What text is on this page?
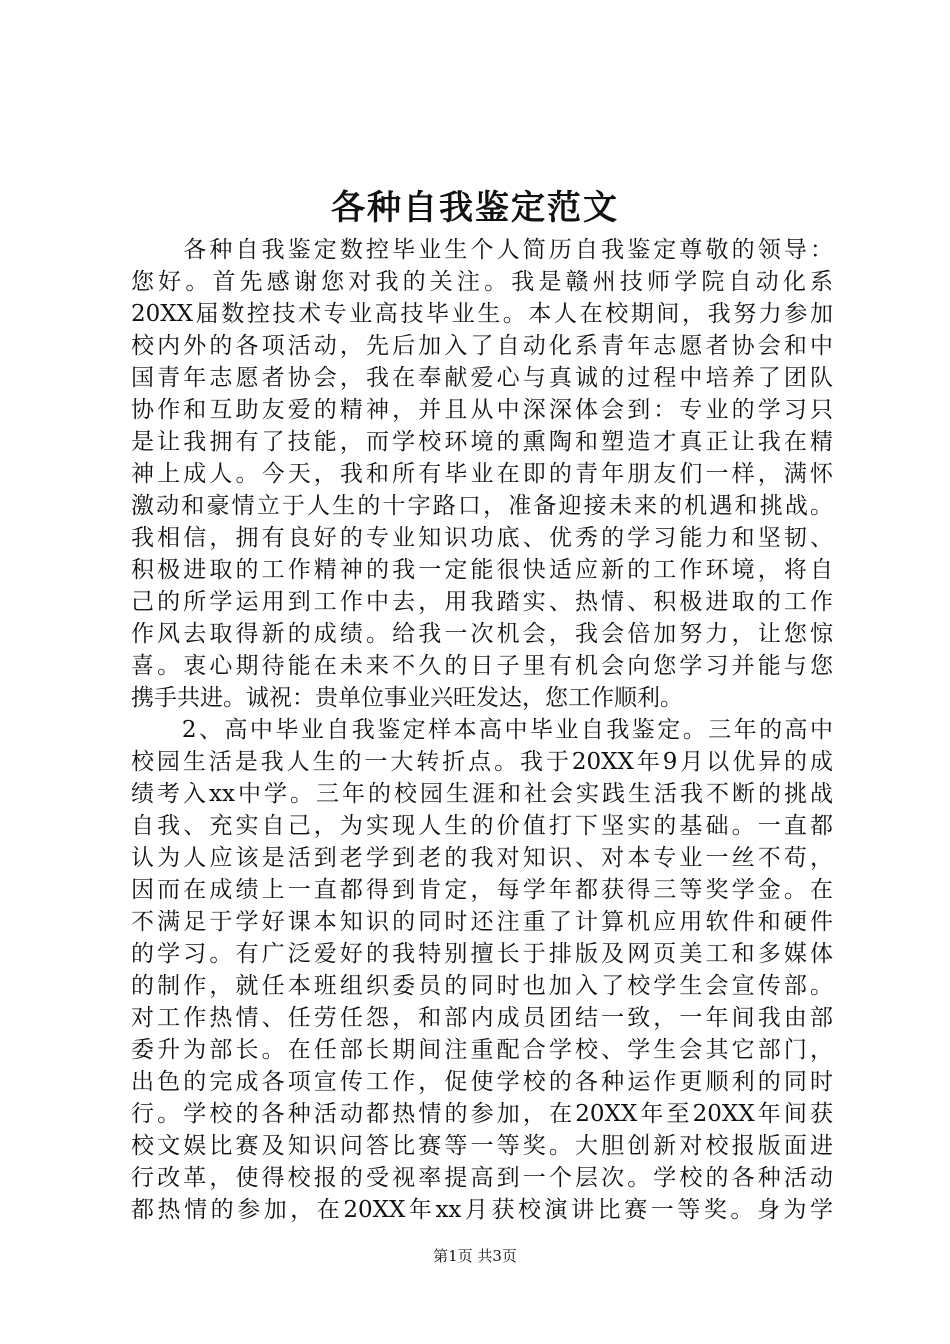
各种自我鉴定范文
　　各种自我鉴定数控毕业生个人简历自我鉴定尊敬的领导：
您好。首先感谢您对我的关注。我是赣州技师学院自动化系
20XX届数控技术专业高技毕业生。本人在校期间，我努力参加
校内外的各项活动，先后加入了自动化系青年志愿者协会和中
国青年志愿者协会，我在奉献爱心与真诚的过程中培养了团队
协作和互助友爱的精神，并且从中深深体会到：专业的学习只
是让我拥有了技能，而学校环境的熏陶和塑造才真正让我在精
神上成人。今天，我和所有毕业在即的青年朋友们一样，满怀
激动和豪情立于人生的十字路口，准备迎接未来的机遇和挑战。
我相信，拥有良好的专业知识功底、优秀的学习能力和坚韧、
积极进取的工作精神的我一定能很快适应新的工作环境，将自
己的所学运用到工作中去，用我踏实、热情、积极进取的工作
作风去取得新的成绩。给我一次机会，我会倍加努力，让您惊
喜。衷心期待能在未来不久的日子里有机会向您学习并能与您
携手共进。诚祝：贵单位事业兴旺发达，您工作顺利。
　　2、高中毕业自我鉴定样本高中毕业自我鉴定。三年的高中
校园生活是我人生的一大转折点。我于20XX年9月以优异的成
绩考入xx中学。三年的校园生涯和社会实践生活我不断的挑战
自我、充实自己，为实现人生的价值打下坚实的基础。一直都
认为人应该是活到老学到老的我对知识、对本专业一丝不苟，
因而在成绩上一直都得到肯定，每学年都获得三等奖学金。在
不满足于学好课本知识的同时还注重了计算机应用软件和硬件
的学习。有广泛爱好的我特别擅长于排版及网页美工和多媒体
的制作，就任本班组织委员的同时也加入了校学生会宣传部。
对工作热情、任劳任怨，和部内成员团结一致，一年间我由部
委升为部长。在任部长期间注重配合学校、学生会其它部门，
出色的完成各项宣传工作，促使学校的各种运作更顺利的同时
行。学校的各种活动都热情的参加，在20XX年至20XX年间获
校文娱比赛及知识问答比赛等一等奖。大胆创新对校报版面进
行改革，使得校报的受视率提高到一个层次。学校的各种活动
都热情的参加，在20XX年xx月获校演讲比赛一等奖。身为学
第1页 共3页
